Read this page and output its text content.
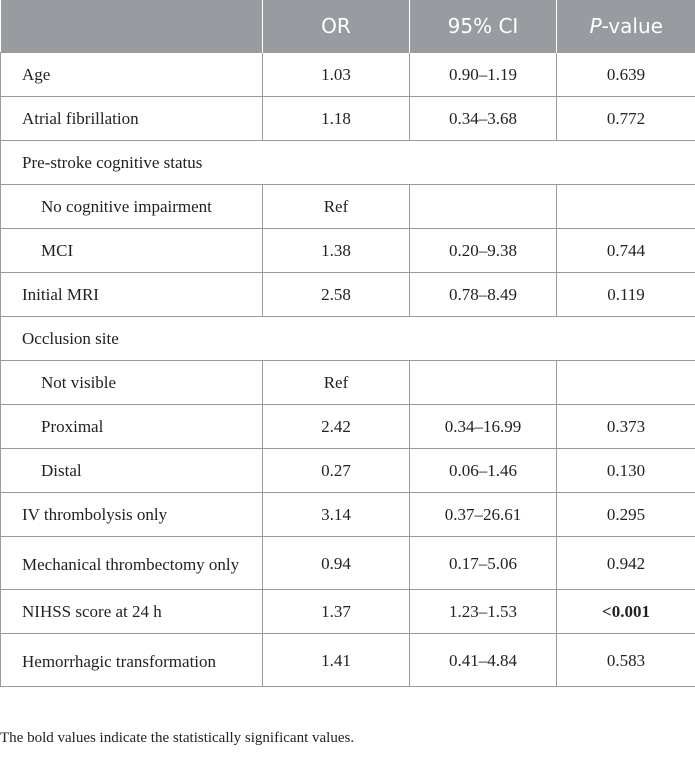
	OR	95% CI	P-value
Age	1.03	0.90–1.19	0.639
Atrial fibrillation	1.18	0.34–3.68	0.772
Pre-stroke cognitive status			
No cognitive impairment	Ref		
MCI	1.38	0.20–9.38	0.744
Initial MRI	2.58	0.78–8.49	0.119
Occlusion site			
Not visible	Ref		
Proximal	2.42	0.34–16.99	0.373
Distal	0.27	0.06–1.46	0.130
IV thrombolysis only	3.14	0.37–26.61	0.295
Mechanical thrombectomy only	0.94	0.17–5.06	0.942
NIHSS score at 24 h	1.37	1.23–1.53	<0.001
Hemorrhagic transformation	1.41	0.41–4.84	0.583
The bold values indicate the statistically significant values.
